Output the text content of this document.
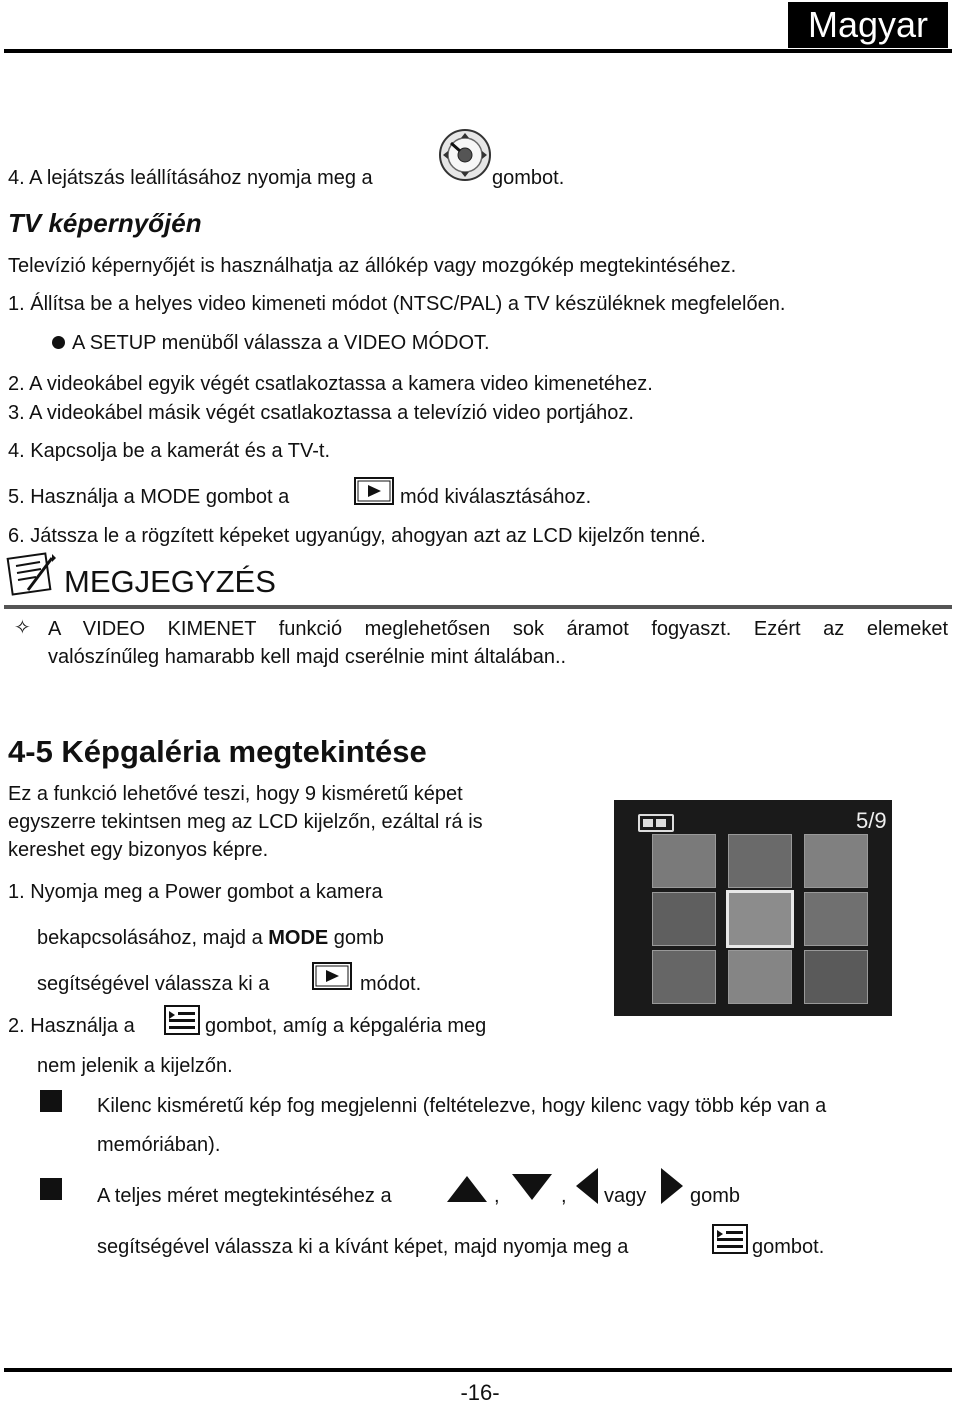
Magyar
4. A lejátszás leállításához nyomja meg a	gombot.
TV képernyőjén
Televízió képernyőjét is használhatja az állókép vagy mozgókép megtekintéséhez.
1. Állítsa be a helyes video kimeneti módot (NTSC/PAL) a TV készüléknek megfelelően.
A SETUP menüből válassza a VIDEO MÓDOT.
2. A videokábel egyik végét csatlakoztassa a kamera video kimenetéhez.
3. A videokábel másik végét csatlakoztassa a televízió video portjához.
4. Kapcsolja be a kamerát és a TV-t.
5. Használja a MODE gombot a	mód kiválasztásához.
6. Játssza le a rögzített képeket ugyanúgy, ahogyan azt az LCD kijelzőn tenné.
MEGJEGYZÉS
✧ A VIDEO KIMENET funkció meglehetősen sok áramot fogyaszt. Ezért az elemeket
valószínűleg hamarabb kell majd cserélnie mint általában..
4-5 Képgaléria megtekintése
Ez a funkció lehetővé teszi, hogy 9 kisméretű képet
egyszerre tekintsen meg az LCD kijelzőn, ezáltal rá is
kereshet egy bizonyos képre.
1. Nyomja meg a Power gombot a kamera
bekapcsolásához, majd a MODE gomb
segítségével válassza ki a	módot.
2. Használja a	gombot, amíg a képgaléria meg
nem jelenik a kijelzőn.
Kilenc kisméretű kép fog megjelenni (feltételezve, hogy kilenc vagy több kép van a
memóriában).
A teljes méret megtekintéséhez a	,	, vagy gomb
segítségével válassza ki a kívánt képet, majd nyomja meg a	gombot.
5/9
-16-
